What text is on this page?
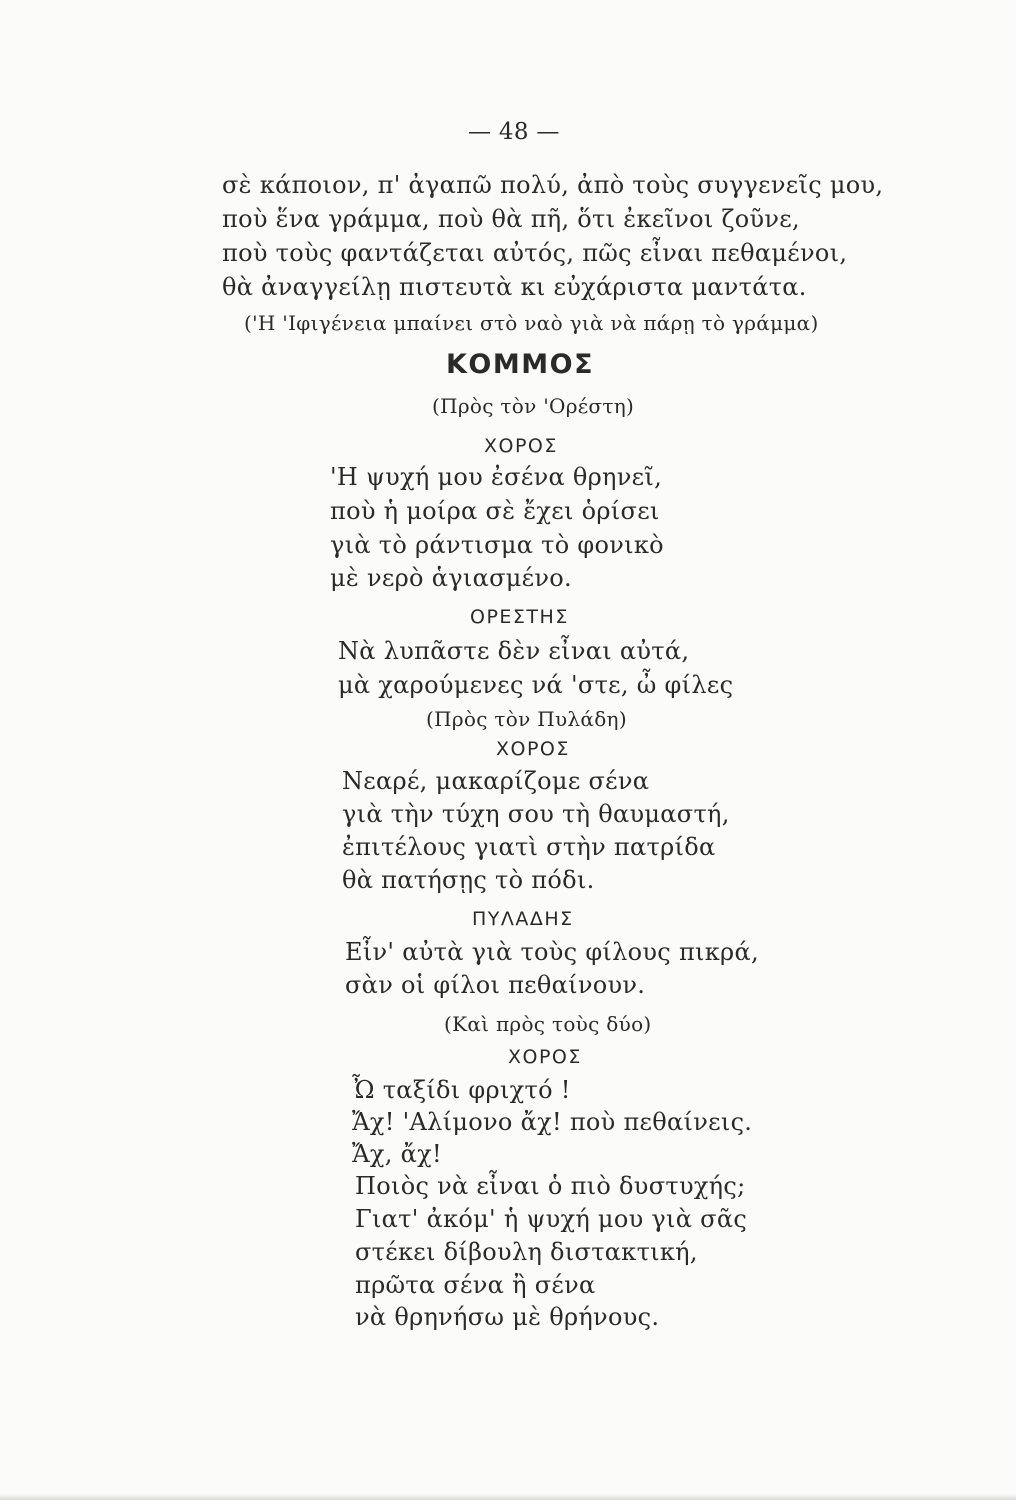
— 48 —
σὲ κάποιον, π' ἀγαπῶ πολύ, ἀπὸ τοὺς συγγενεῖς μου,
ποὺ ἕνα γράμμα, ποὺ θὰ πῆ, ὅτι ἐκεῖνοι ζοῦνε,
ποὺ τοὺς φαντάζεται αὐτός, πῶς εἶναι πεθαμένοι,
θὰ ἀναγγείλῃ πιστευτὰ κι εὐχάριστα μαντάτα.
('Η 'Ιφιγένεια μπαίνει στὸ ναὸ γιὰ νὰ πάρῃ τὸ γράμμα)
ΚΟΜΜΟΣ
(Πρὸς τὸν 'Ορέστη)
ΧΟΡΟΣ
'Η ψυχή μου ἐσένα θρηνεῖ,
ποὺ ἡ μοίρα σὲ ἔχει ὁρίσει
γιὰ τὸ ράντισμα τὸ φονικὸ
μὲ νερὸ ἁγιασμένο.
ΟΡΕΣΤΗΣ
Νὰ λυπᾶστε δὲν εἶναι αὐτά,
μὰ χαρούμενες νά 'στε, ὦ φίλες
(Πρὸς τὸν Πυλάδη)
ΧΟΡΟΣ
Νεαρέ, μακαρίζομε σένα
γιὰ τὴν τύχη σου τὴ θαυμαστή,
ἐπιτέλους γιατὶ στὴν πατρίδα
θὰ πατήσῃς τὸ πόδι.
ΠΥΛΑΔΗΣ
Εἶν' αὐτὰ γιὰ τοὺς φίλους πικρά,
σὰν οἱ φίλοι πεθαίνουν.
(Καὶ πρὸς τοὺς δύο)
ΧΟΡΟΣ
Ὦ ταξίδι φριχτό !
Ἄχ! 'Αλίμονο ἄχ! ποὺ πεθαίνεις.
Ἄχ, ἄχ!
Ποιὸς νὰ εἶναι ὁ πιὸ δυστυχής;
Γιατ' ἀκόμ' ἡ ψυχή μου γιὰ σᾶς
στέκει δίβουλη διστακτική,
πρῶτα σένα ἢ σένα
νὰ θρηνήσω μὲ θρήνους.
